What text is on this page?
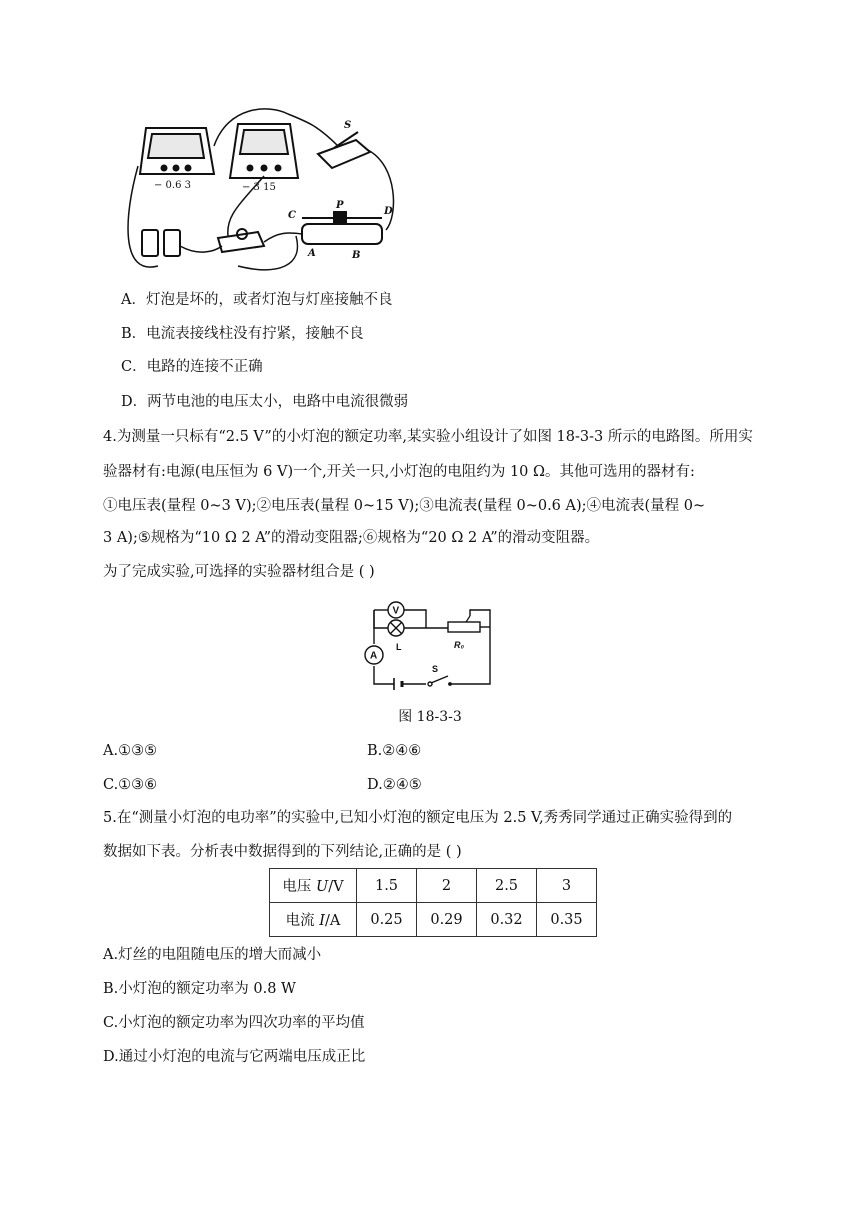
− 0.6 3	− 3 15
S
P
C	D
A	B
A．灯泡是坏的，或者灯泡与灯座接触不良
B．电流表接线柱没有拧紧，接触不良
C．电路的连接不正确
D．两节电池的电压太小，电路中电流很微弱
4.为测量一只标有“2.5 V”的小灯泡的额定功率,某实验小组设计了如图 18-3-3 所示的电路图。所用实
验器材有:电源(电压恒为 6 V)一个,开关一只,小灯泡的电阻约为 10 Ω。其他可选用的器材有:
①电压表(量程 0~3 V);②电压表(量程 0~15 V);③电流表(量程 0~0.6 A);④电流表(量程 0~
3 A);⑤规格为“10 Ω 2 A”的滑动变阻器;⑥规格为“20 Ω 2 A”的滑动变阻器。
为了完成实验,可选择的实验器材组合是 ( )
V
L
A
R₀
S
图 18-3-3
A.①③⑤	B.②④⑥
C.①③⑥	D.②④⑤
5.在“测量小灯泡的电功率”的实验中,已知小灯泡的额定电压为 2.5 V,秀秀同学通过正确实验得到的
数据如下表。分析表中数据得到的下列结论,正确的是 ( )
电压 U/V	1.5	2	2.5	3
电流 I/A	0.25	0.29	0.32	0.35
A.灯丝的电阻随电压的增大而减小
B.小灯泡的额定功率为 0.8 W
C.小灯泡的额定功率为四次功率的平均值
D.通过小灯泡的电流与它两端电压成正比
